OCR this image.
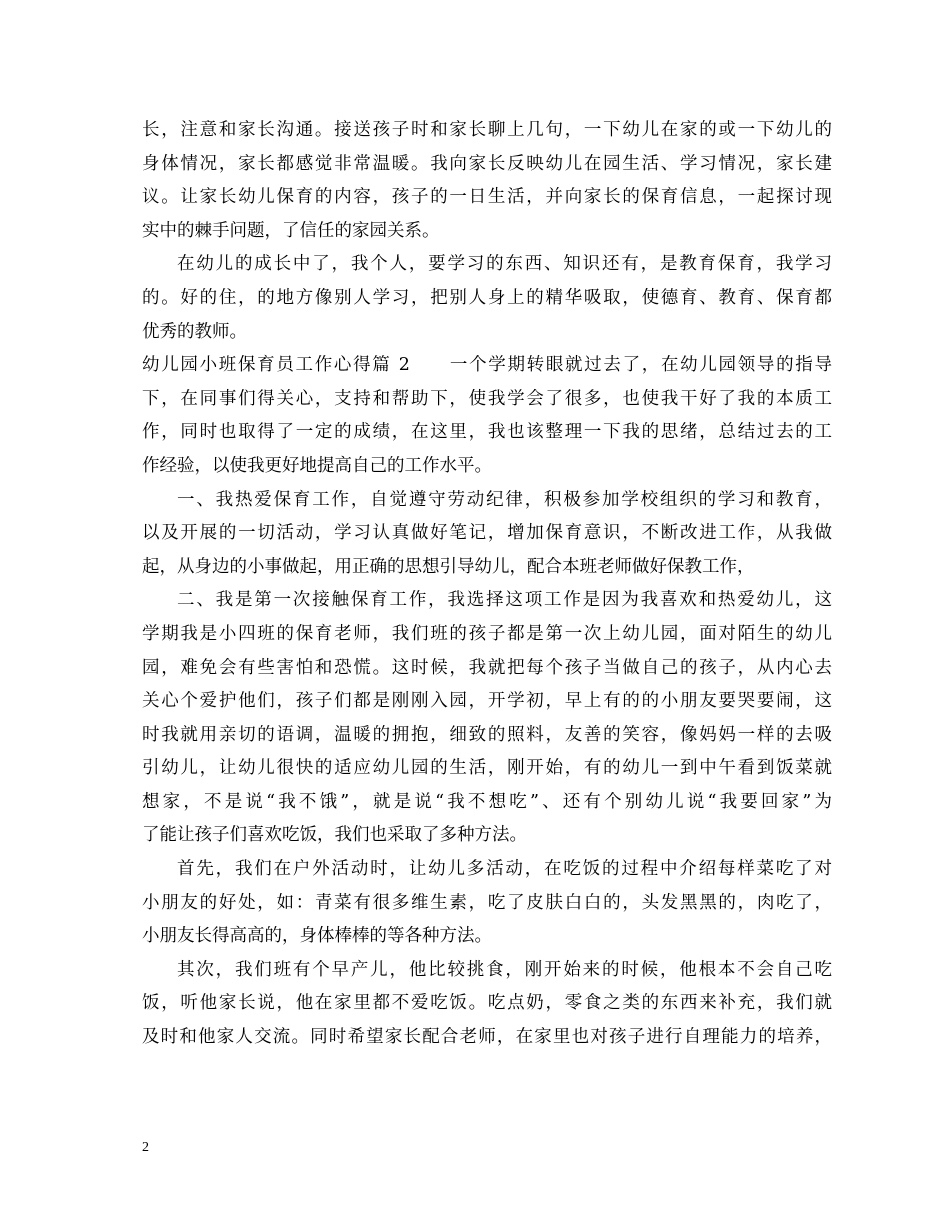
长，注意和家长沟通。接送孩子时和家长聊上几句，一下幼儿在家的或一下幼儿的
身体情况，家长都感觉非常温暖。我向家长反映幼儿在园生活、学习情况，家长建
议。让家长幼儿保育的内容，孩子的一日生活，并向家长的保育信息，一起探讨现
实中的棘手问题，了信任的家园关系。
在幼儿的成长中了，我个人，要学习的东西、知识还有，是教育保育，我学习
的。好的住，的地方像别人学习，把别人身上的精华吸取，使德育、教育、保育都
优秀的教师。
幼儿园小班保育员工作心得篇 2　　一个学期转眼就过去了，在幼儿园领导的指导
下，在同事们得关心，支持和帮助下，使我学会了很多，也使我干好了我的本质工
作，同时也取得了一定的成绩，在这里，我也该整理一下我的思绪，总结过去的工
作经验，以使我更好地提高自己的工作水平。
一、我热爱保育工作，自觉遵守劳动纪律，积极参加学校组织的学习和教育，
以及开展的一切活动，学习认真做好笔记，增加保育意识，不断改进工作，从我做
起，从身边的小事做起，用正确的思想引导幼儿，配合本班老师做好保教工作，
二、我是第一次接触保育工作，我选择这项工作是因为我喜欢和热爱幼儿，这
学期我是小四班的保育老师，我们班的孩子都是第一次上幼儿园，面对陌生的幼儿
园，难免会有些害怕和恐慌。这时候，我就把每个孩子当做自己的孩子，从内心去
关心个爱护他们，孩子们都是刚刚入园，开学初，早上有的的小朋友要哭要闹，这
时我就用亲切的语调，温暖的拥抱，细致的照料，友善的笑容，像妈妈一样的去吸
引幼儿，让幼儿很快的适应幼儿园的生活，刚开始，有的幼儿一到中午看到饭菜就
想家，不是说“我不饿”，就是说“我不想吃”、还有个别幼儿说“我要回家”为
了能让孩子们喜欢吃饭，我们也采取了多种方法。
首先，我们在户外活动时，让幼儿多活动，在吃饭的过程中介绍每样菜吃了对
小朋友的好处，如：青菜有很多维生素，吃了皮肤白白的，头发黑黑的，肉吃了，
小朋友长得高高的，身体棒棒的等各种方法。
其次，我们班有个早产儿，他比较挑食，刚开始来的时候，他根本不会自己吃
饭，听他家长说，他在家里都不爱吃饭。吃点奶，零食之类的东西来补充，我们就
及时和他家人交流。同时希望家长配合老师，在家里也对孩子进行自理能力的培养，
2
